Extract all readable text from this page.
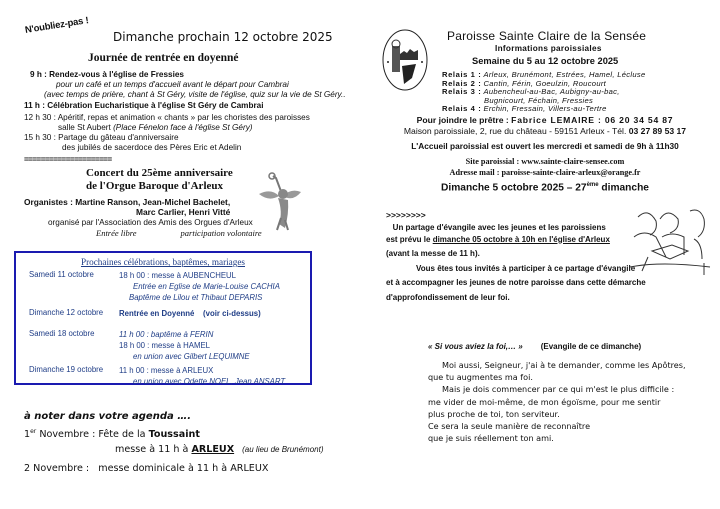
N'oubliez-pas !
Dimanche prochain 12 octobre 2025
Journée de rentrée en doyenné
9 h : Rendez-vous à l'église de Fressies
pour un café et un temps d'accueil avant le départ pour Cambrai
(avec temps de prière, chant à St Géry, visite de l'église, quiz sur la vie de St Géry..
11 h : Célébration Eucharistique à l'église St Géry de Cambrai
12 h 30 : Apéritif, repas et animation « chants » par les choristes des paroisses
salle St Aubert (Place Fénelon face à l'église St Géry)
15 h 30 : Partage du gâteau d'anniversaire
des jubilés de sacerdoce des Pères Eric et Adelin
=====================
Concert du 25ème anniversaire
de l'Orgue Baroque d'Arleux
Organistes : Martine Ranson, Jean-Michel Bachelet,
Marc Carlier, Henri Vitté
organisé par l'Association des Amis des Orgues d'Arleux
Entrée libre	participation volontaire
Prochaines célébrations, baptêmes, mariages
Samedi 11 octobre	18 h 00 : messe à AUBENCHEUL
Entrée en Eglise de Marie-Louise CACHIA
Baptême de Lilou et Thibaut DEPARIS
Dimanche 12 octobre	Rentrée en Doyenné    (voir ci-dessus)
Samedi 18 octobre	11 h 00 : baptême à FERIN
18 h 00 : messe à HAMEL
en union avec Gilbert LEQUIMNE
Dimanche 19 octobre	11 h 00 : messe à ARLEUX
en union avec Odette NOEL, Jean ANSART
à noter dans votre agenda ….
1er Novembre : Fête de la Toussaint
messe à 11 h à ARLEUX (au lieu de Brunémont)
2 Novembre :   messe dominicale à 11 h à ARLEUX
Paroisse Sainte Claire de la Sensée
Informations paroissiales
Semaine du 5 au 12 octobre 2025
Relais 1 : Arleux, Brunémont, Estrées, Hamel, Lécluse
Relais 2 : Cantin, Férin, Goeulzin, Roucourt
Relais 3 : Aubencheul-au-Bac, Aubigny-au-bac,
Bugnicourt, Féchain, Fressies
Relais 4 : Erchin, Fressain, Villers-au-Tertre
Pour joindre le prêtre : Fabrice LEMAIRE : 06 20 34 54 87
Maison paroissiale, 2, rue du château - 59151 Arleux - Tél. 03 27 89 53 17
L'Accueil paroissial est ouvert les mercredi et samedi de 9h à 11h30
Site paroissial : www.sainte-claire-sensee.com
Adresse mail : paroisse-sainte-claire-arleux@orange.fr
Dimanche 5 octobre 2025 – 27ème dimanche
>>>>>>>>
Un partage d'évangile avec les jeunes et les paroissiens
est prévu le dimanche 05 octobre à 10h en l'église d'Arleux
(avant la messe de 11 h).
Vous êtes tous invités à participer à ce partage d'évangile
et à accompagner les jeunes de notre paroisse dans cette démarche
d'approfondissement de leur foi.
« Si vous aviez la foi,… » (Evangile de ce dimanche)
Moi aussi, Seigneur, j'ai à te demander, comme les Apôtres,
que tu augmentes ma foi.
Mais je dois commencer par ce qui m'est le plus difficile :
me vider de moi-même, de mon égoïsme, pour me sentir
plus proche de toi, ton serviteur.
Ce sera la seule manière de reconnaître
que je suis réellement ton ami.
